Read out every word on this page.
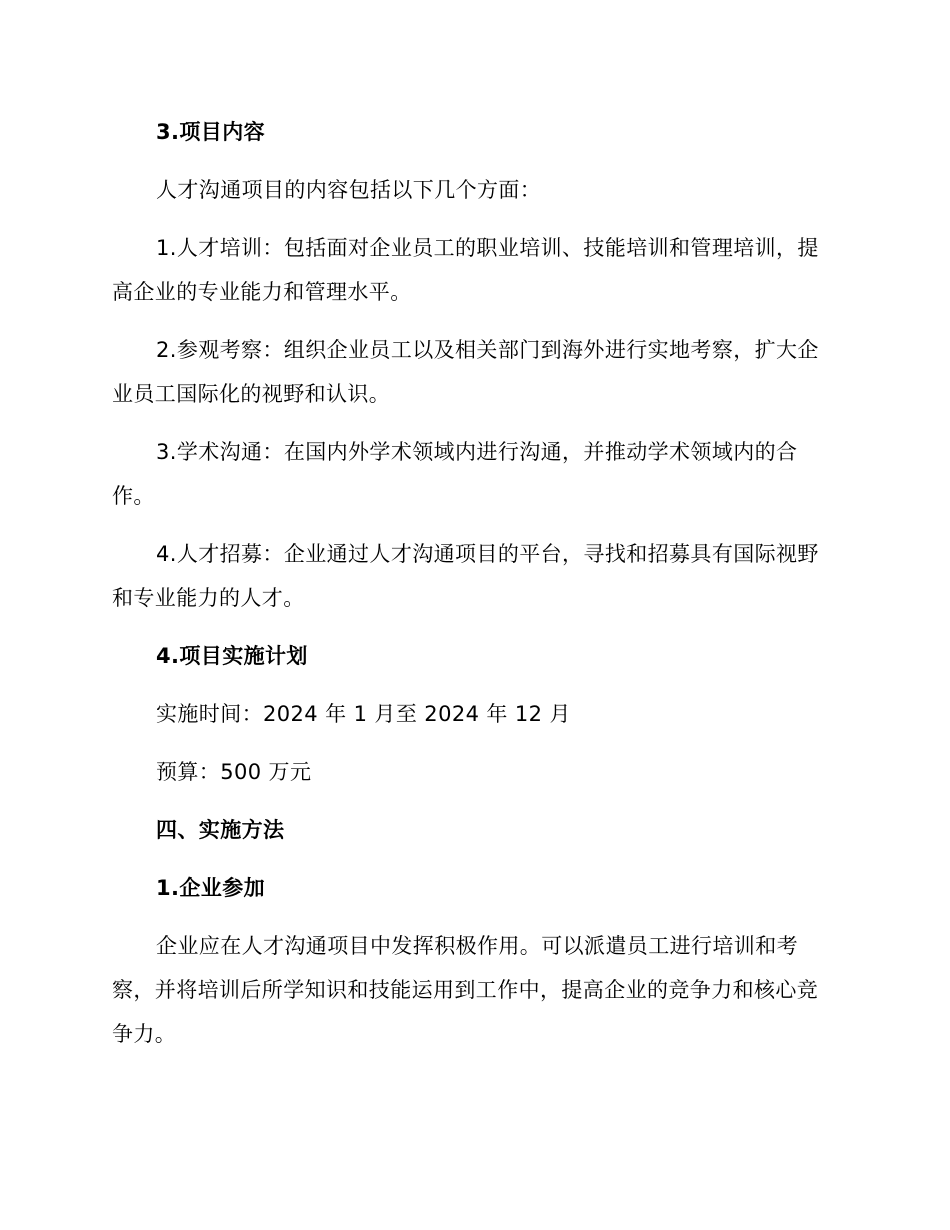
3.项目内容

人才沟通项目的内容包括以下几个方面：

1.人才培训：包括面对企业员工的职业培训、技能培训和管理培训，提高企业的专业能力和管理水平。

2.参观考察：组织企业员工以及相关部门到海外进行实地考察，扩大企业员工国际化的视野和认识。

3.学术沟通：在国内外学术领域内进行沟通，并推动学术领域内的合作。

4.人才招募：企业通过人才沟通项目的平台，寻找和招募具有国际视野和专业能力的人才。

4.项目实施计划

实施时间：2024 年 1 月至 2024 年 12 月

预算：500 万元

四、实施方法

1.企业参加

企业应在人才沟通项目中发挥积极作用。可以派遣员工进行培训和考察，并将培训后所学知识和技能运用到工作中，提高企业的竞争力和核心竞争力。
